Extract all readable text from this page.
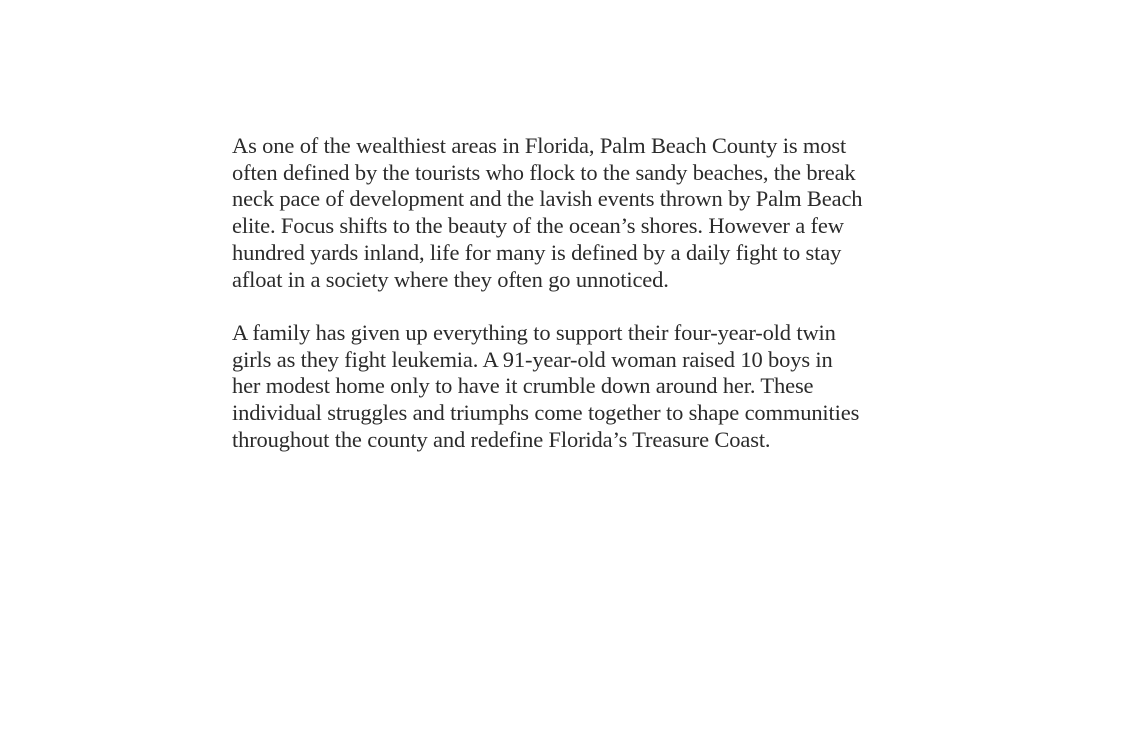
As one of the wealthiest areas in Florida, Palm Beach County is most
often defined by the tourists who flock to the sandy beaches, the break
neck pace of development and the lavish events thrown by Palm Beach
elite. Focus shifts to the beauty of the ocean’s shores. However a few
hundred yards inland, life for many is defined by a daily fight to stay
afloat in a society where they often go unnoticed.

A family has given up everything to support their four-year-old twin
girls as they fight leukemia. A 91-year-old woman raised 10 boys in
her modest home only to have it crumble down around her. These
individual struggles and triumphs come together to shape communities
throughout the county and redefine Florida’s Treasure Coast.
